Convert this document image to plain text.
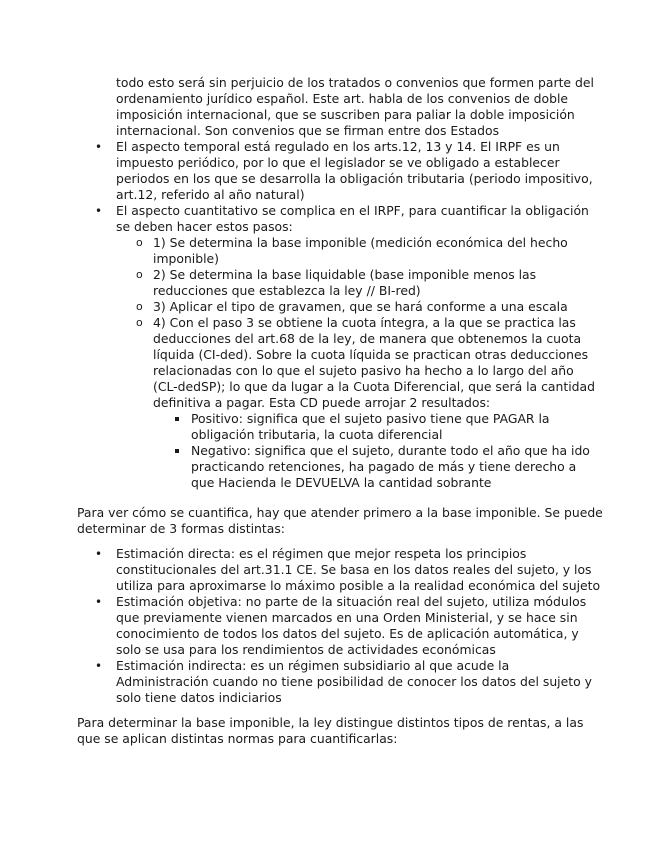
todo esto será sin perjuicio de los tratados o convenios que formen parte del
ordenamiento jurídico español. Este art. habla de los convenios de doble
imposición internacional, que se suscriben para paliar la doble imposición
internacional. Son convenios que se firman entre dos Estados
• El aspecto temporal está regulado en los arts.12, 13 y 14. El IRPF es un
impuesto periódico, por lo que el legislador se ve obligado a establecer
periodos en los que se desarrolla la obligación tributaria (periodo impositivo,
art.12, referido al año natural)
• El aspecto cuantitativo se complica en el IRPF, para cuantificar la obligación
se deben hacer estos pasos:
o 1) Se determina la base imponible (medición económica del hecho
imponible)
o 2) Se determina la base liquidable (base imponible menos las
reducciones que establezca la ley // BI-red)
o 3) Aplicar el tipo de gravamen, que se hará conforme a una escala
o 4) Con el paso 3 se obtiene la cuota íntegra, a la que se practica las
deducciones del art.68 de la ley, de manera que obtenemos la cuota
líquida (CI-ded). Sobre la cuota líquida se practican otras deducciones
relacionadas con lo que el sujeto pasivo ha hecho a lo largo del año
(CL-dedSP); lo que da lugar a la Cuota Diferencial, que será la cantidad
definitiva a pagar. Esta CD puede arrojar 2 resultados:
Positivo: significa que el sujeto pasivo tiene que PAGAR la
obligación tributaria, la cuota diferencial
Negativo: significa que el sujeto, durante todo el año que ha ido
practicando retenciones, ha pagado de más y tiene derecho a
que Hacienda le DEVUELVA la cantidad sobrante
Para ver cómo se cuantifica, hay que atender primero a la base imponible. Se puede
determinar de 3 formas distintas:
• Estimación directa: es el régimen que mejor respeta los principios
constitucionales del art.31.1 CE. Se basa en los datos reales del sujeto, y los
utiliza para aproximarse lo máximo posible a la realidad económica del sujeto
• Estimación objetiva: no parte de la situación real del sujeto, utiliza módulos
que previamente vienen marcados en una Orden Ministerial, y se hace sin
conocimiento de todos los datos del sujeto. Es de aplicación automática, y
solo se usa para los rendimientos de actividades económicas
• Estimación indirecta: es un régimen subsidiario al que acude la
Administración cuando no tiene posibilidad de conocer los datos del sujeto y
solo tiene datos indiciarios
Para determinar la base imponible, la ley distingue distintos tipos de rentas, a las
que se aplican distintas normas para cuantificarlas:
